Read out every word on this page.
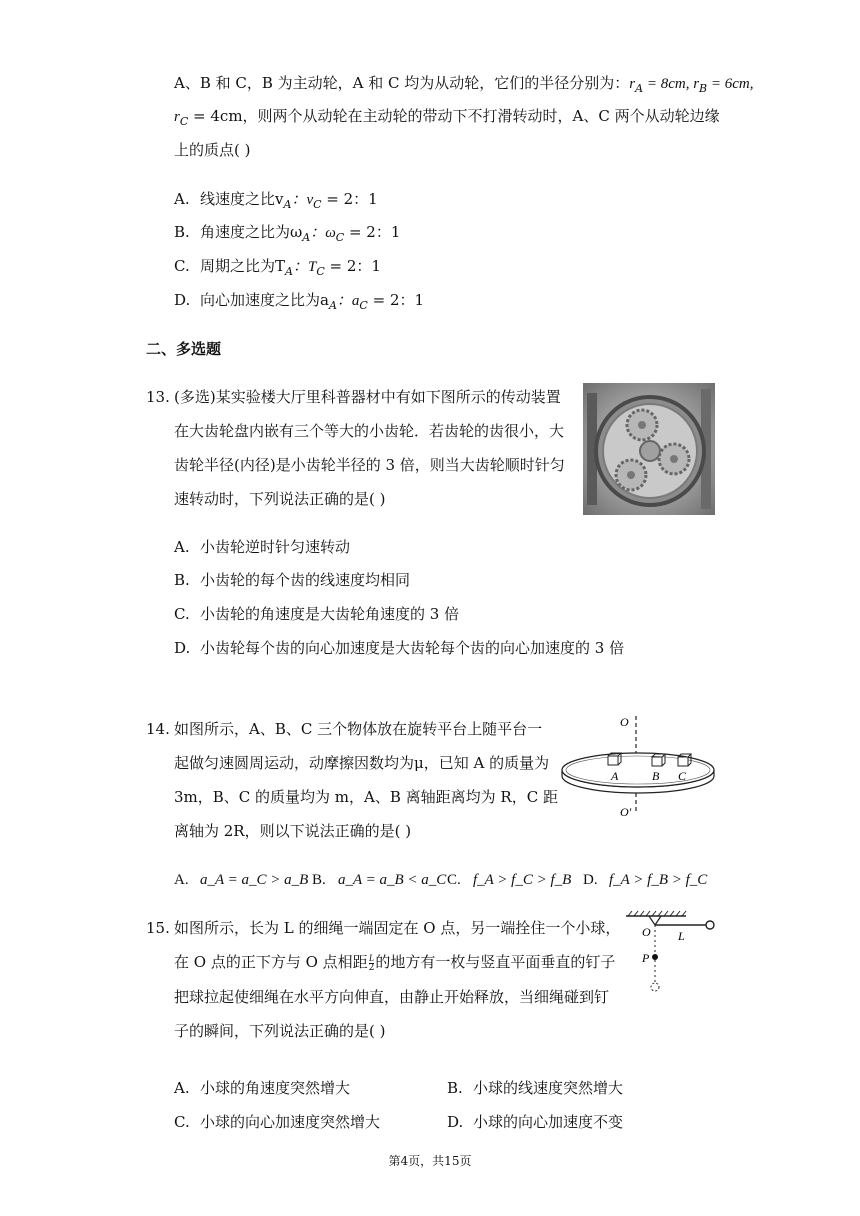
A、B 和 C，B 为主动轮，A 和 C 均为从动轮，它们的半径分别为：$r_A = 8cm$, $r_B = 6cm$,
$r_C = 4cm$，则两个从动轮在主动轮的带动下不打滑转动时，A、C 两个从动轮边缘
上的质点( )
A. 线速度之比$v_A$：$v_C = 2$：1
B. 角速度之比为$\omega_A$：$\omega_C = 2$：1
C. 周期之比为$T_A$：$T_C = 2$：1
D. 向心加速度之比为$a_A$：$a_C = 2$：1
二、多选题
13. (多选)某实验楼大厅里科普器材中有如下图所示的传动装置
在大齿轮盘内嵌有三个等大的小齿轮．若齿轮的齿很小，大
齿轮半径(内径)是小齿轮半径的 3 倍，则当大齿轮顺时针匀
速转动时，下列说法正确的是( )
A. 小齿轮逆时针匀速转动
B. 小齿轮的每个齿的线速度均相同
C. 小齿轮的角速度是大齿轮角速度的 3 倍
D. 小齿轮每个齿的向心加速度是大齿轮每个齿的向心加速度的 3 倍
14. 如图所示，A、B、C 三个物体放在旋转平台上随平台一
起做匀速圆周运动，动摩擦因数均为μ，已知 A 的质量为
3m，B、C 的质量均为 m，A、B 离轴距离均为 R，C 距
离轴为 2R，则以下说法正确的是( )
O
O′
A	B C
A. a_A = a_C > a_B B. a_A = a_B < a_C C. f_A > f_C > f_B D. f_A > f_B > f_C
15. 如图所示，长为 L 的细绳一端固定在 O 点，另一端拴住一个小球，
在 O 点的正下方与 O 点相距 $\frac{L}{2}$ 的地方有一枚与竖直平面垂直的钉子
把球拉起使细绳在水平方向伸直，由静止开始释放，当细绳碰到钉
子的瞬间，下列说法正确的是( )
O L
P
A. 小球的角速度突然增大	B. 小球的线速度突然增大
C. 小球的向心加速度突然增大	D. 小球的向心加速度不变
第4页，共15页
